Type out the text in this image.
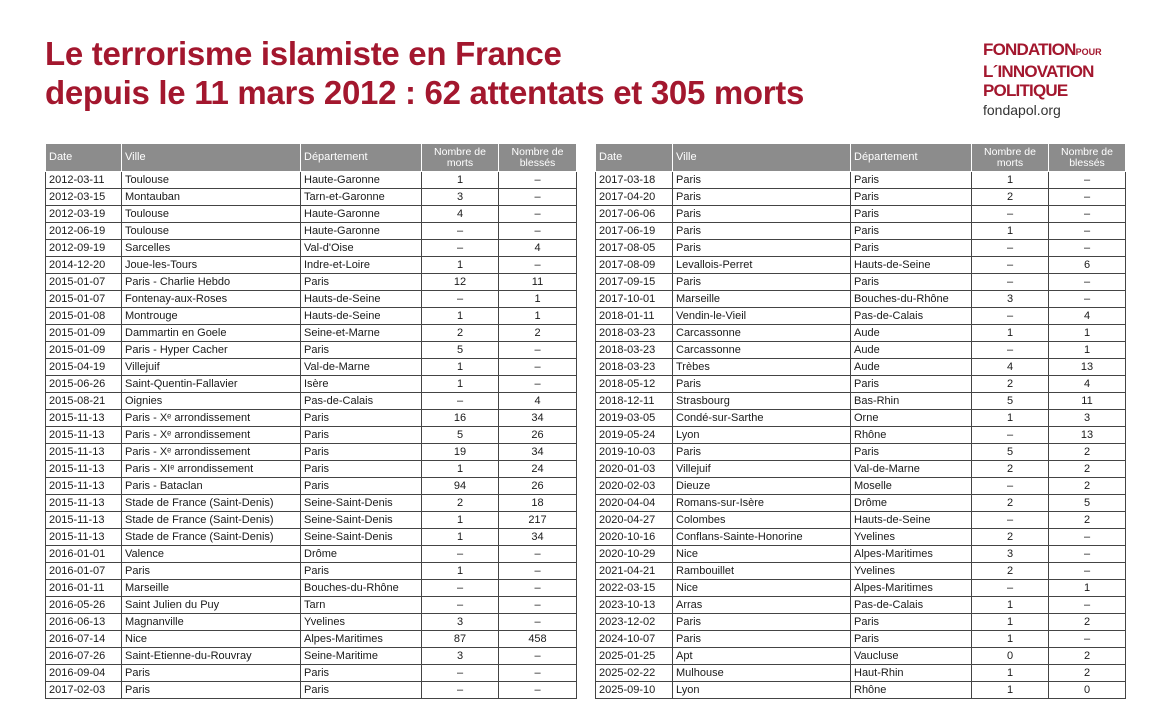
Le terrorisme islamiste en France
depuis le 11 mars 2012 : 62 attentats et 305 morts
FONDATIONPOUR
L´INNOVATION
POLITIQUE
fondapol.org
Date	Ville	Département	Nombre de morts	Nombre de blessés
2012-03-11	Toulouse	Haute-Garonne	1	–
2012-03-15	Montauban	Tarn-et-Garonne	3	–
2012-03-19	Toulouse	Haute-Garonne	4	–
2012-06-19	Toulouse	Haute-Garonne	–	–
2012-09-19	Sarcelles	Val-d'Oise	–	4
2014-12-20	Joue-les-Tours	Indre-et-Loire	1	–
2015-01-07	Paris - Charlie Hebdo	Paris	12	11
2015-01-07	Fontenay-aux-Roses	Hauts-de-Seine	–	1
2015-01-08	Montrouge	Hauts-de-Seine	1	1
2015-01-09	Dammartin en Goele	Seine-et-Marne	2	2
2015-01-09	Paris - Hyper Cacher	Paris	5	–
2015-04-19	Villejuif	Val-de-Marne	1	–
2015-06-26	Saint-Quentin-Fallavier	Isère	1	–
2015-08-21	Oignies	Pas-de-Calais	–	4
2015-11-13	Paris - Xᵉ arrondissement	Paris	16	34
2015-11-13	Paris - Xᵉ arrondissement	Paris	5	26
2015-11-13	Paris - Xᵉ arrondissement	Paris	19	34
2015-11-13	Paris - XIᵉ arrondissement	Paris	1	24
2015-11-13	Paris - Bataclan	Paris	94	26
2015-11-13	Stade de France (Saint-Denis)	Seine-Saint-Denis	2	18
2015-11-13	Stade de France (Saint-Denis)	Seine-Saint-Denis	1	217
2015-11-13	Stade de France (Saint-Denis)	Seine-Saint-Denis	1	34
2016-01-01	Valence	Drôme	–	–
2016-01-07	Paris	Paris	1	–
2016-01-11	Marseille	Bouches-du-Rhône	–	–
2016-05-26	Saint Julien du Puy	Tarn	–	–
2016-06-13	Magnanville	Yvelines	3	–
2016-07-14	Nice	Alpes-Maritimes	87	458
2016-07-26	Saint-Etienne-du-Rouvray	Seine-Maritime	3	–
2016-09-04	Paris	Paris	–	–
2017-02-03	Paris	Paris	–	–
Date	Ville	Département	Nombre de morts	Nombre de blessés
2017-03-18	Paris	Paris	1	–
2017-04-20	Paris	Paris	2	–
2017-06-06	Paris	Paris	–	–
2017-06-19	Paris	Paris	1	–
2017-08-05	Paris	Paris	–	–
2017-08-09	Levallois-Perret	Hauts-de-Seine	–	6
2017-09-15	Paris	Paris	–	–
2017-10-01	Marseille	Bouches-du-Rhône	3	–
2018-01-11	Vendin-le-Vieil	Pas-de-Calais	–	4
2018-03-23	Carcassonne	Aude	1	1
2018-03-23	Carcassonne	Aude	–	1
2018-03-23	Trèbes	Aude	4	13
2018-05-12	Paris	Paris	2	4
2018-12-11	Strasbourg	Bas-Rhin	5	11
2019-03-05	Condé-sur-Sarthe	Orne	1	3
2019-05-24	Lyon	Rhône	–	13
2019-10-03	Paris	Paris	5	2
2020-01-03	Villejuif	Val-de-Marne	2	2
2020-02-03	Dieuze	Moselle	–	2
2020-04-04	Romans-sur-Isère	Drôme	2	5
2020-04-27	Colombes	Hauts-de-Seine	–	2
2020-10-16	Conflans-Sainte-Honorine	Yvelines	2	–
2020-10-29	Nice	Alpes-Maritimes	3	–
2021-04-21	Rambouillet	Yvelines	2	–
2022-03-15	Nice	Alpes-Maritimes	–	1
2023-10-13	Arras	Pas-de-Calais	1	–
2023-12-02	Paris	Paris	1	2
2024-10-07	Paris	Paris	1	–
2025-01-25	Apt	Vaucluse	0	2
2025-02-22	Mulhouse	Haut-Rhin	1	2
2025-09-10	Lyon	Rhône	1	0
